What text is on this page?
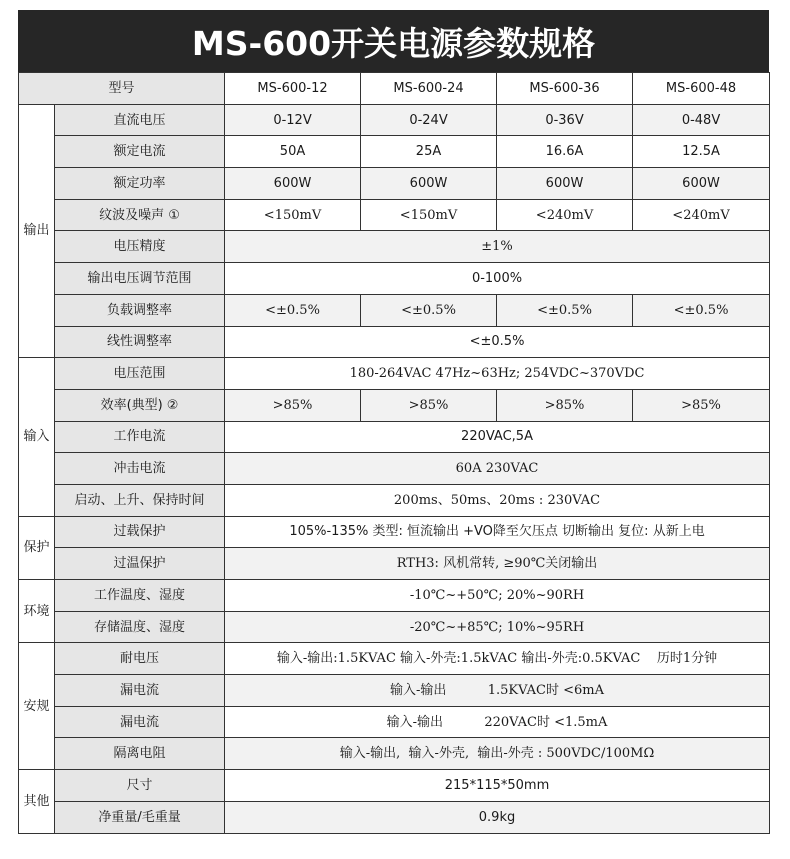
MS-600开关电源参数规格
型号		MS-600-12	MS-600-24	MS-600-36	MS-600-48
输出	直流电压	0-12V	0-24V	0-36V	0-48V
	额定电流	50A	25A	16.6A	12.5A
	额定功率	600W	600W	600W	600W
	纹波及噪声 ①	<150mV	<150mV	<240mV	<240mV
	电压精度	±1%			
	输出电压调节范围	0-100%			
	负载调整率	<±0.5%	<±0.5%	<±0.5%	<±0.5%
	线性调整率	<±0.5%			
输入	电压范围	180-264VAC 47Hz~63Hz; 254VDC~370VDC			
	效率(典型) ②	>85%	>85%	>85%	>85%
	工作电流	220VAC,5A			
	冲击电流	60A 230VAC			
	启动、上升、保持时间	200ms、50ms、20ms : 230VAC			
保护	过载保护	105%-135% 类型: 恒流输出 +VO降至欠压点 切断输出 复位: 从新上电			
	过温保护	RTH3: 风机常转, ≥90℃关闭输出			
环境	工作温度、湿度	-10℃~+50℃; 20%~90RH			
	存储温度、湿度	-20℃~+85℃; 10%~95RH			
安规	耐电压	输入-输出:1.5KVAC 输入-外壳:1.5kVAC 输出-外壳:0.5KVAC    历时1分钟			
	漏电流	输入-输出          1.5KVAC时 <6mA			
	漏电流	输入-输出          220VAC时 <1.5mA			
	隔离电阻	输入-输出,  输入-外壳,  输出-外壳 : 500VDC/100MΩ			
其他	尺寸	215*115*50mm			
	净重量/毛重量	0.9kg			
